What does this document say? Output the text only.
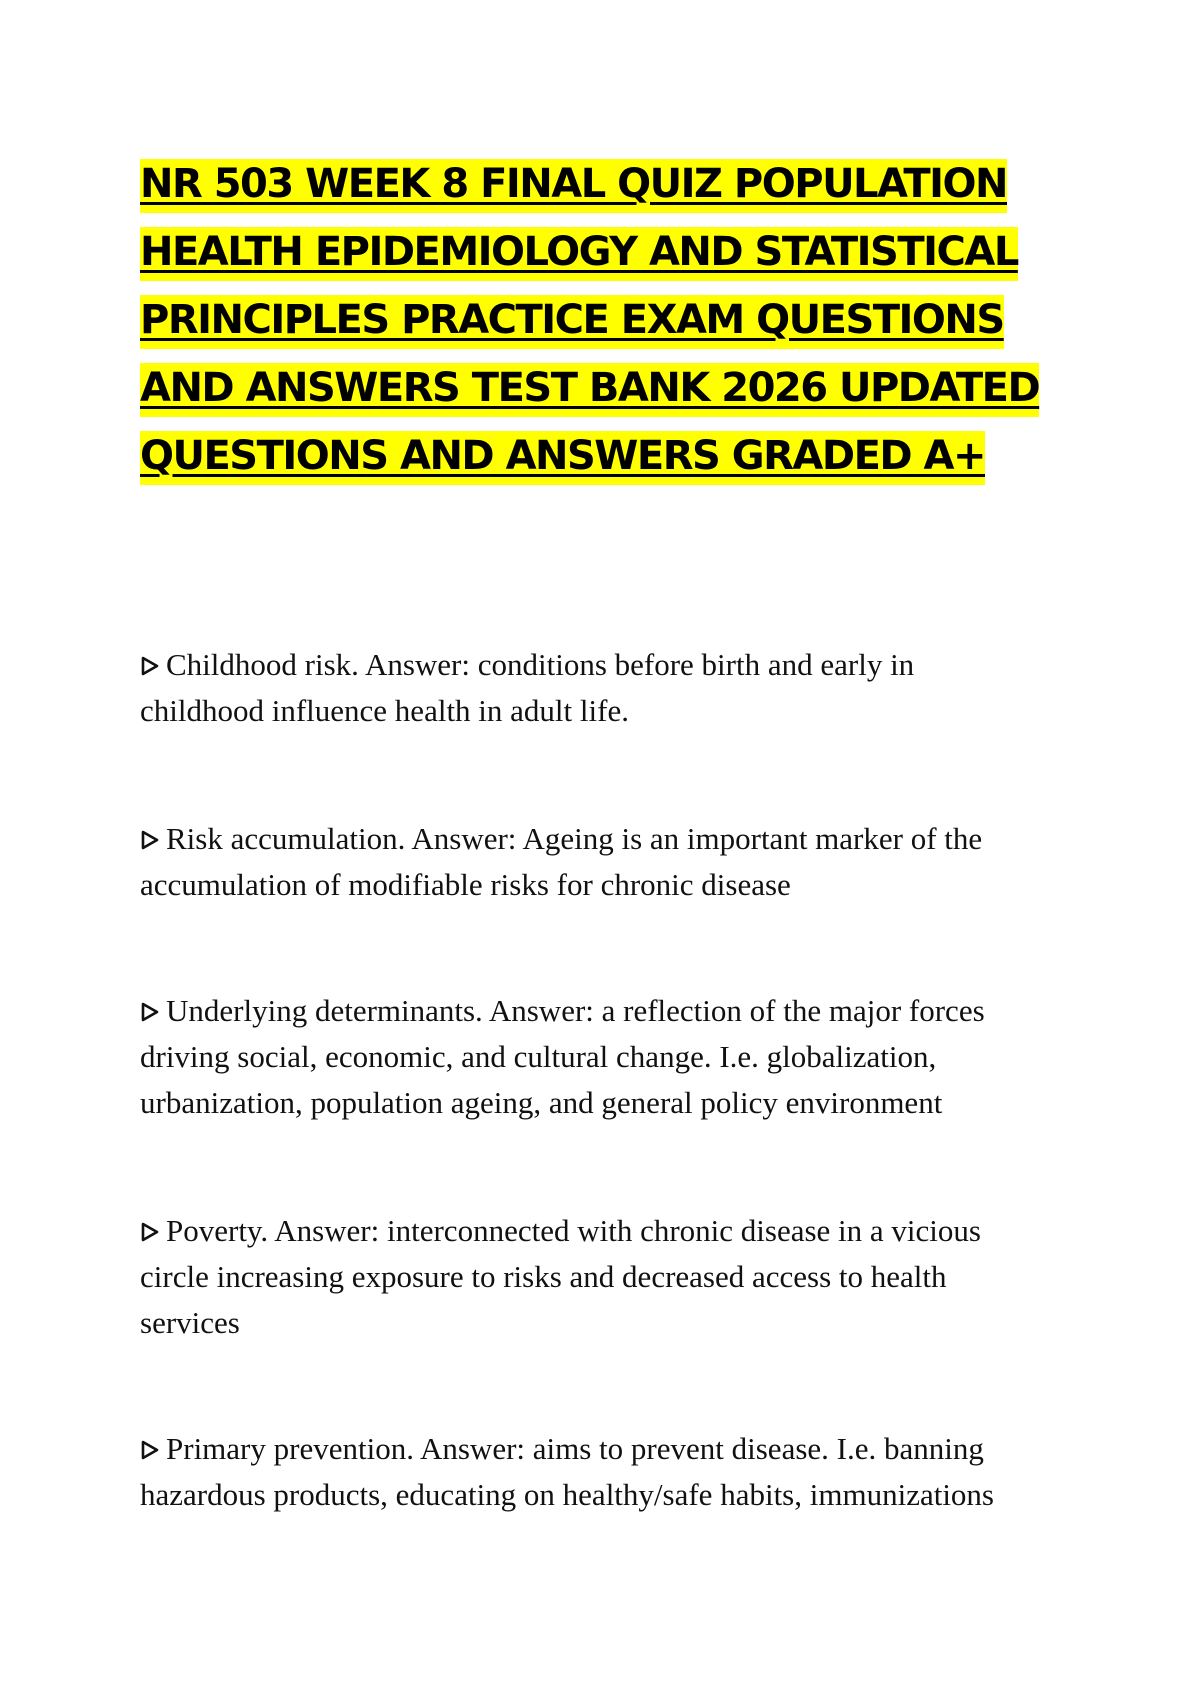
NR 503 WEEK 8 FINAL QUIZ POPULATION HEALTH EPIDEMIOLOGY AND STATISTICAL PRINCIPLES PRACTICE EXAM QUESTIONS AND ANSWERS TEST BANK 2026 UPDATED QUESTIONS AND ANSWERS GRADED A+

Childhood risk. Answer: conditions before birth and early in childhood influence health in adult life.

Risk accumulation. Answer: Ageing is an important marker of the accumulation of modifiable risks for chronic disease

Underlying determinants. Answer: a reflection of the major forces driving social, economic, and cultural change. I.e. globalization, urbanization, population ageing, and general policy environment

Poverty. Answer: interconnected with chronic disease in a vicious circle increasing exposure to risks and decreased access to health services

Primary prevention. Answer: aims to prevent disease. I.e. banning hazardous products, educating on healthy/safe habits, immunizations
